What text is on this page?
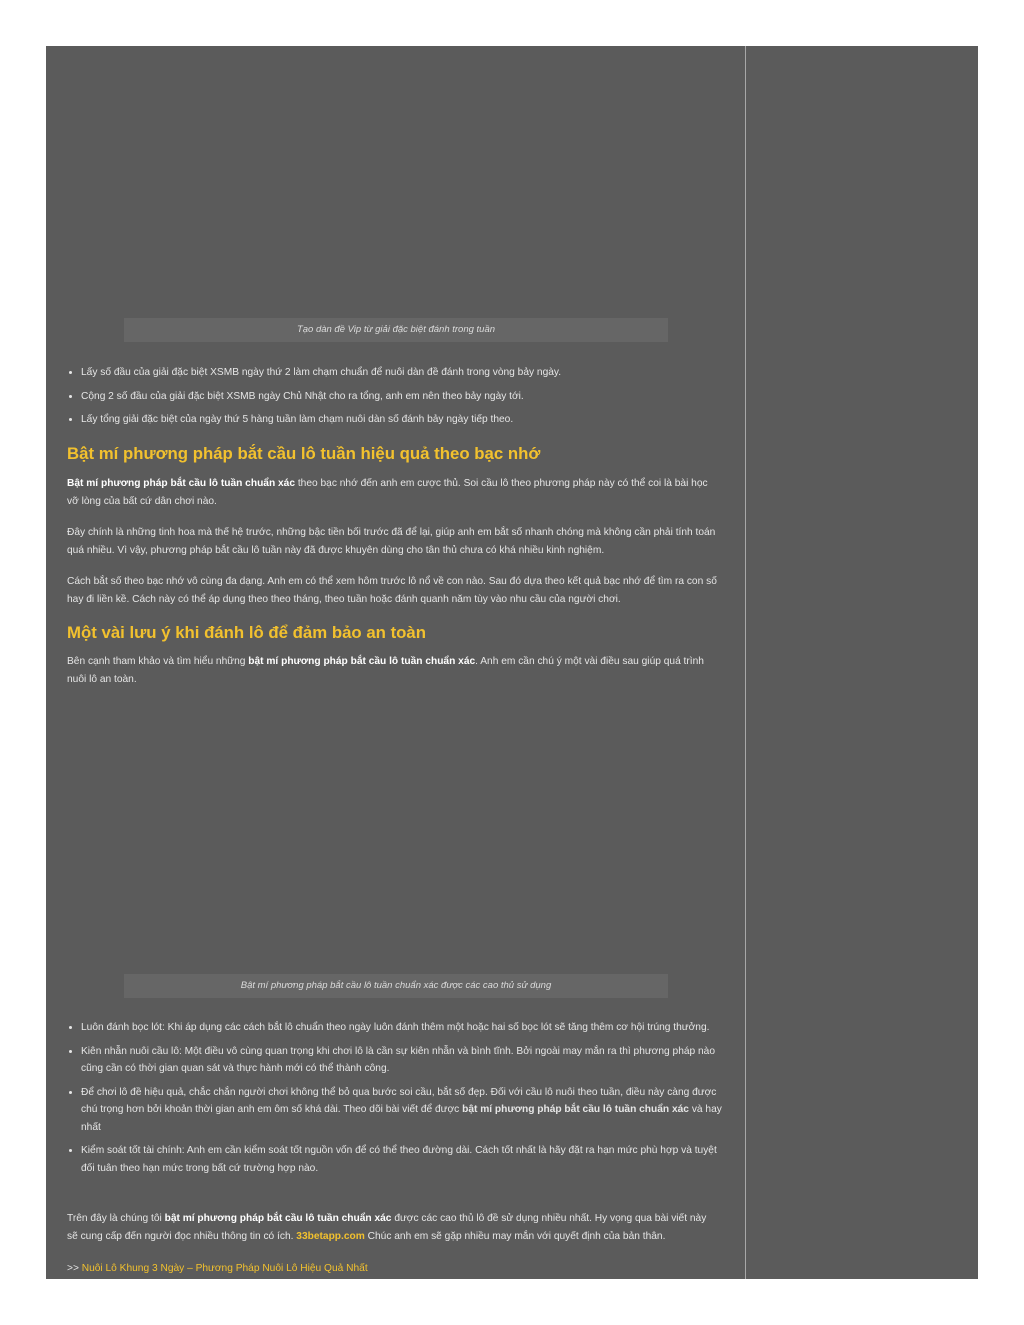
Tạo dàn đề Vip từ giải đặc biệt đánh trong tuần
• Lấy số đầu của giải đặc biệt XSMB ngày thứ 2 làm chạm chuẩn để nuôi dàn đề đánh trong vòng bảy ngày.
• Cộng 2 số đầu của giải đặc biệt XSMB ngày Chủ Nhật cho ra tổng, anh em nên theo bảy ngày tới.
• Lấy tổng giải đặc biệt của ngày thứ 5 hàng tuần làm chạm nuôi dàn số đánh bảy ngày tiếp theo.
Bật mí phương pháp bắt cầu lô tuần hiệu quả theo bạc nhớ

Bật mí phương pháp bắt cầu lô tuần chuẩn xác theo bạc nhớ đến anh em cược thủ. Soi cầu lô theo phương pháp này có thể coi là bài học vỡ lòng của bất cứ dân chơi nào.

Đây chính là những tinh hoa mà thế hệ trước, những bậc tiền bối trước đã để lại, giúp anh em bắt số nhanh chóng mà không cần phải tính toán quá nhiều. Vì vậy, phương pháp bắt cầu lô tuần này đã được khuyên dùng cho tân thủ chưa có khá nhiều kinh nghiệm.

Cách bắt số theo bạc nhớ vô cùng đa dạng. Anh em có thể xem hôm trước lô nổ về con nào. Sau đó dựa theo kết quả bạc nhớ để tìm ra con số hay đi liền kề. Cách này có thể áp dụng theo theo tháng, theo tuần hoặc đánh quanh năm tùy vào nhu cầu của người chơi.

Một vài lưu ý khi đánh lô để đảm bảo an toàn

Bên cạnh tham khảo và tìm hiểu những bật mí phương pháp bắt cầu lô tuần chuẩn xác. Anh em cần chú ý một vài điều sau giúp quá trình nuôi lô an toàn.

Bật mí phương pháp bắt cầu lô tuần chuẩn xác được các cao thủ sử dụng
• Luôn đánh bọc lót: Khi áp dụng các cách bắt lô chuẩn theo ngày luôn đánh thêm một hoặc hai số bọc lót sẽ tăng thêm cơ hội trúng thưởng.
• Kiên nhẫn nuôi cầu lô: Một điều vô cùng quan trọng khi chơi lô là cần sự kiên nhẫn và bình tĩnh. Bởi ngoài may mắn ra thì phương pháp nào cũng cần có thời gian quan sát và thực hành mới có thể thành công.
• Để chơi lô đề hiệu quả, chắc chắn người chơi không thể bỏ qua bước soi cầu, bắt số đẹp. Đối với cầu lô nuôi theo tuần, điều này càng được chú trọng hơn bởi khoản thời gian anh em ôm số khá dài. Theo dõi bài viết để được bật mí phương pháp bắt cầu lô tuần chuẩn xác và hay nhất
• Kiểm soát tốt tài chính: Anh em cần kiểm soát tốt nguồn vốn để có thể theo đường dài. Cách tốt nhất là hãy đặt ra hạn mức phù hợp và tuyệt đối tuân theo hạn mức trong bất cứ trường hợp nào.

Trên đây là chúng tôi bật mí phương pháp bắt cầu lô tuần chuẩn xác được các cao thủ lô đề sử dụng nhiều nhất. Hy vọng qua bài viết này sẽ cung cấp đến người đọc nhiều thông tin có ích. 33betapp.com Chúc anh em sẽ gặp nhiều may mắn với quyết định của bản thân.

>> Nuôi Lô Khung 3 Ngày – Phương Pháp Nuôi Lô Hiệu Quả Nhất
